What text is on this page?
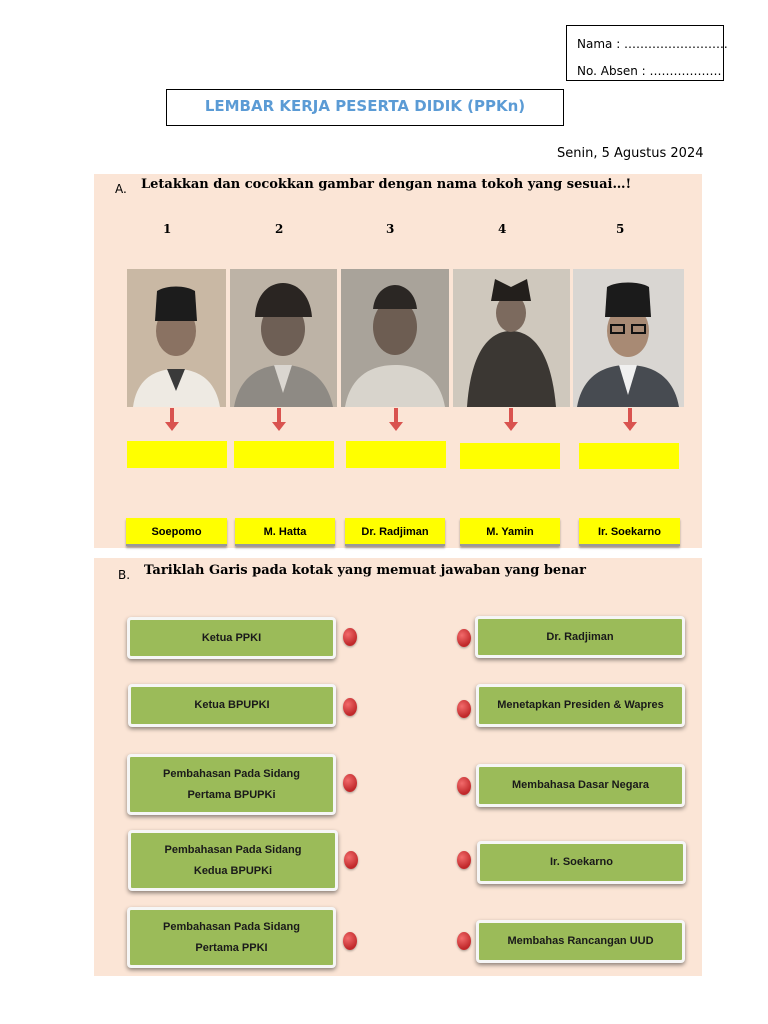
Nama : ……………………..
No. Absen : ………………
LEMBAR KERJA PESERTA DIDIK (PPKn)
Senin, 5 Agustus 2024
A. Letakkan dan cocokkan gambar dengan nama tokoh yang sesuai…!
1	2	3	4	5
Soepomo	M. Hatta	Dr. Radjiman	M. Yamin	Ir. Soekarno
B. Tariklah Garis pada kotak yang memuat jawaban yang benar
Ketua PPKI
Ketua BPUPKI
Pembahasan Pada Sidang
Pertama BPUPKi
Pembahasan Pada Sidang
Kedua BPUPKi
Pembahasan Pada Sidang
Pertama PPKI
Dr. Radjiman
Menetapkan Presiden & Wapres
Membahasa Dasar Negara
Ir. Soekarno
Membahas Rancangan UUD
